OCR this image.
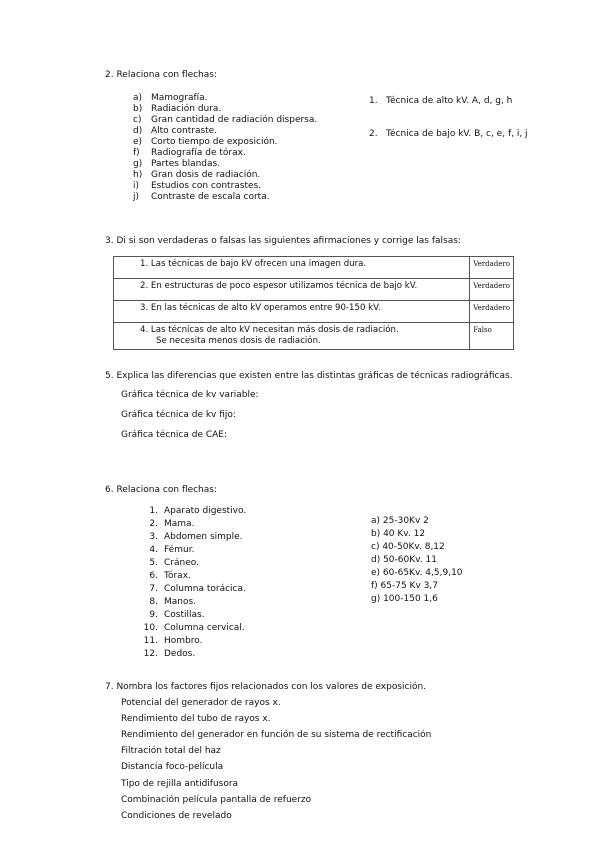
2. Relaciona con flechas:
a) Mamografía.
b) Radiación dura.
c) Gran cantidad de radiación dispersa.
d) Alto contraste.
e) Corto tiempo de exposición.
f) Radiografía de tórax.
g) Partes blandas.
h) Gran dosis de radiación.
i) Estudios con contrastes.
j) Contraste de escala corta.
1. Técnica de alto kV. A, d, g, h
2. Técnica de bajo kV. B, c, e, f, i, j
3. Di si son verdaderas o falsas las siguientes afirmaciones y corrige las falsas:
1. Las técnicas de bajo kV ofrecen una imagen dura.	Verdadero
2. En estructuras de poco espesor utilizamos técnica de bajo kV.	Verdadero
3. En las técnicas de alto kV operamos entre 90-150 kV.	Verdadero

4. Las técnicas de alto kV necesitan más dosis de radiación.
Se necesita menos dosis de radiación.	Falso
5. Explica las diferencias que existen entre las distintas gráficas de técnicas radiográficas.
Gráfica técnica de kv variable:
Gráfica técnica de kv fijo:
Gráfica técnica de CAE:
6. Relaciona con flechas:
1. Aparato digestivo.
2. Mama.
3. Abdomen simple.
4. Fémur.
5. Cráneo.
6. Tórax.
7. Columna torácica.
8. Manos.
9. Costillas.
10. Columna cervical.
11. Hombro.
12. Dedos.
a) 25-30Kv 2
b) 40 Kv. 12
c) 40-50Kv. 8,12
d) 50-60Kv. 11
e) 60-65Kv. 4,5,9,10
f) 65-75 Kv 3,7
g) 100-150 1,6
7. Nombra los factores fijos relacionados con los valores de exposición.
Potencial del generador de rayos x.
Rendimiento del tubo de rayos x.
Rendimiento del generador en función de su sistema de rectificación
Filtración total del haz
Distancia foco-película
Tipo de rejilla antidifusora
Combinación película pantalla de refuerzo
Condiciones de revelado
